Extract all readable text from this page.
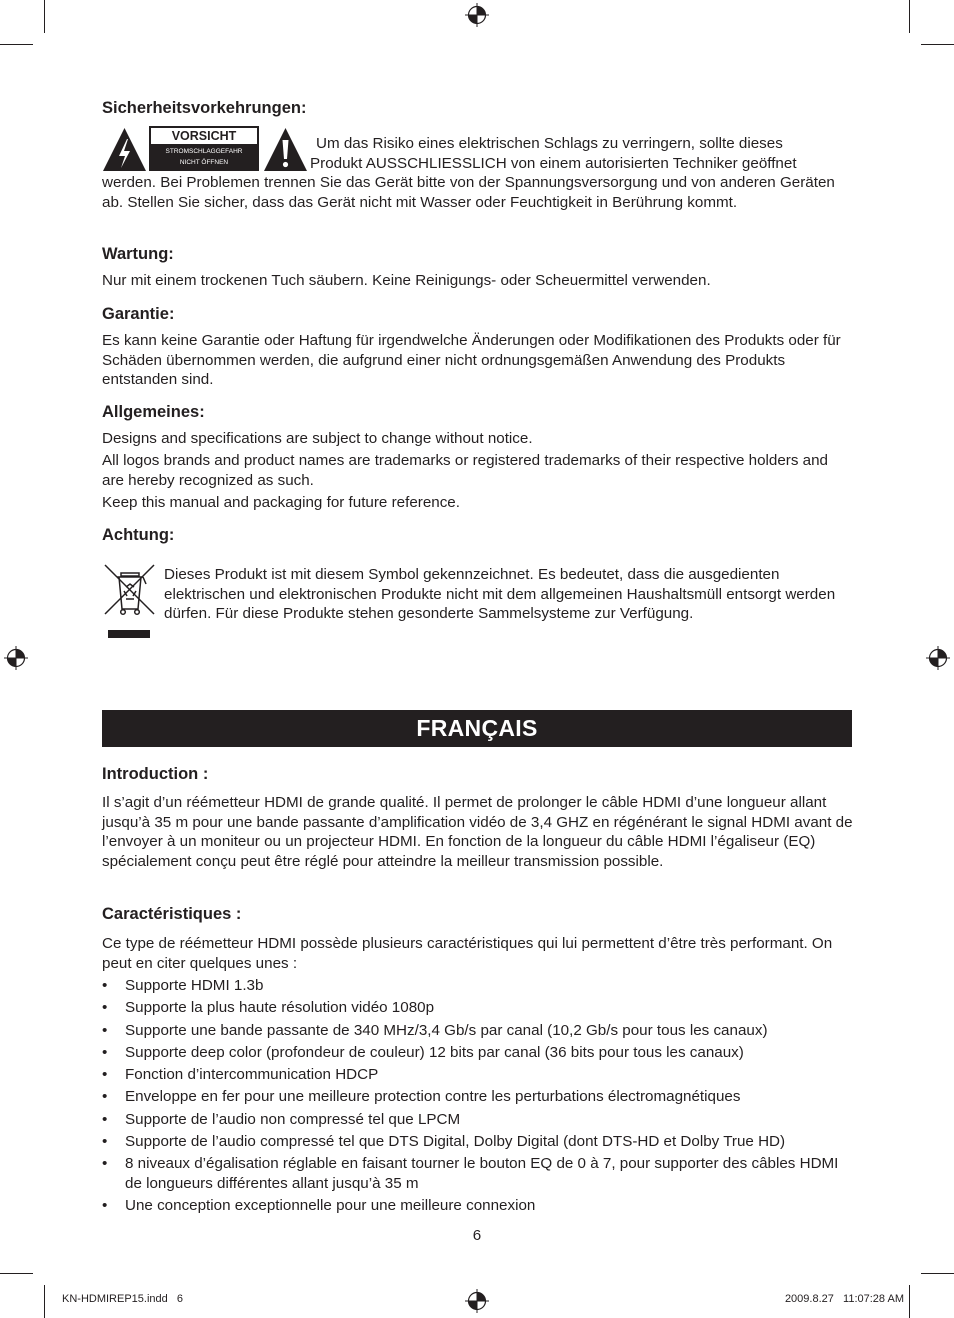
Sicherheitsvorkehrungen:
VORSICHT
STROMSCHLAGGEFAHR
NICHT ÖFFNEN

Um das Risiko eines elektrischen Schlags zu verringern, sollte dieses

Produkt AUSSCHLIESSLICH von einem autorisierten Techniker geöffnet

werden. Bei Problemen trennen Sie das Gerät bitte von der Spannungsversorgung und von anderen Geräten ab. Stellen Sie sicher, dass das Gerät nicht mit Wasser oder Feuchtigkeit in Berührung kommt.

Wartung:

Nur mit einem trockenen Tuch säubern. Keine Reinigungs- oder Scheuermittel verwenden.

Garantie:

Es kann keine Garantie oder Haftung für irgendwelche Änderungen oder Modifikationen des Produkts oder für Schäden übernommen werden, die aufgrund einer nicht ordnungsgemäßen Anwendung des Produkts entstanden sind.

Allgemeines:

Designs and specifications are subject to change without notice.

All logos brands and product names are trademarks or registered trademarks of their respective holders and are hereby recognized as such.

Keep this manual and packaging for future reference.

Achtung:

Dieses Produkt ist mit diesem Symbol gekennzeichnet. Es bedeutet, dass die ausgedienten elektrischen und elektronischen Produkte nicht mit dem allgemeinen Haushaltsmüll entsorgt werden dürfen. Für diese Produkte stehen gesonderte Sammelsysteme zur Verfügung.

FRANÇAIS
Introduction :

Il s’agit d’un réémetteur HDMI de grande qualité. Il permet de prolonger le câble HDMI d’une longueur allant jusqu’à 35 m pour une bande passante d’amplification vidéo de 3,4 GHZ en régénérant le signal HDMI avant de l’envoyer à un moniteur ou un projecteur HDMI. En fonction de la longueur du câble HDMI l’égaliseur (EQ) spécialement conçu peut être réglé pour atteindre la meilleur transmission possible.

Caractéristiques :

Ce type de réémetteur HDMI possède plusieurs caractéristiques qui lui permettent d’être très performant. On peut en citer quelques unes :

• Supporte HDMI 1.3b
• Supporte la plus haute résolution vidéo 1080p
• Supporte une bande passante de 340 MHz/3,4 Gb/s par canal (10,2 Gb/s pour tous les canaux)
• Supporte deep color (profondeur de couleur) 12 bits par canal (36 bits pour tous les canaux)
• Fonction d’intercommunication HDCP
• Enveloppe en fer pour une meilleure protection contre les perturbations électromagnétiques
• Supporte de l’audio non compressé tel que LPCM
• Supporte de l’audio compressé tel que DTS Digital, Dolby Digital (dont DTS-HD et Dolby True HD)
• 8 niveaux d’égalisation réglable en faisant tourner le bouton EQ de 0 à 7, pour supporter des câbles HDMI de longueurs différentes allant jusqu’à 35 m
• Une conception exceptionnelle pour une meilleure connexion
6
KN-HDMIREP15.indd   6	2009.8.27   11:07:28 AM
